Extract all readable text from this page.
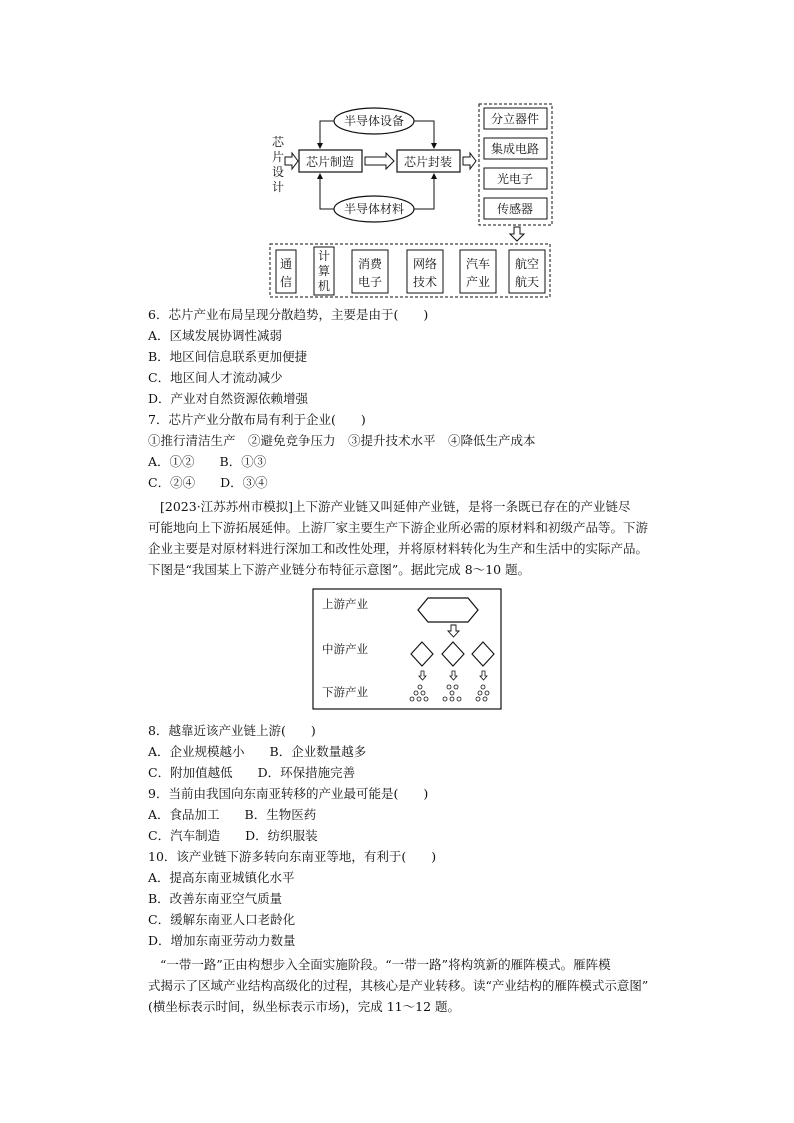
芯
片
设
计
半导体设备
半导体材料
芯片制造	芯片封装
分立器件
集成电路
光电子
传感器
通
信
计
算
机
消费
电子
网络
技术
汽车
产业
航空
航天
6．芯片产业布局呈现分散趋势，主要是由于(　　)
A．区域发展协调性减弱
B．地区间信息联系更加便捷
C．地区间人才流动减少
D．产业对自然资源依赖增强
7．芯片产业分散布局有利于企业(　　)
①推行清洁生产　②避免竞争压力　③提升技术水平　④降低生产成本
A．①②　　B．①③
C．②④　　D．③④
[2023·江苏苏州市模拟]上下游产业链又叫延伸产业链，是将一条既已存在的产业链尽
可能地向上下游拓展延伸。上游厂家主要生产下游企业所必需的原材料和初级产品等。下游
企业主要是对原材料进行深加工和改性处理，并将原材料转化为生产和生活中的实际产品。
下图是“我国某上下游产业链分布特征示意图”。据此完成 8～10 题。
上游产业
中游产业
下游产业
8．越靠近该产业链上游(　　)
A．企业规模越小　　B．企业数量越多
C．附加值越低　　D．环保措施完善
9．当前由我国向东南亚转移的产业最可能是(　　)
A．食品加工　　B．生物医药
C．汽车制造　　D．纺织服装
10．该产业链下游多转向东南亚等地，有利于(　　)
A．提高东南亚城镇化水平
B．改善东南亚空气质量
C．缓解东南亚人口老龄化
D．增加东南亚劳动力数量
“一带一路”正由构想步入全面实施阶段。“一带一路”将构筑新的雁阵模式。雁阵模
式揭示了区域产业结构高级化的过程，其核心是产业转移。读“产业结构的雁阵模式示意图”
(横坐标表示时间，纵坐标表示市场)，完成 11～12 题。
